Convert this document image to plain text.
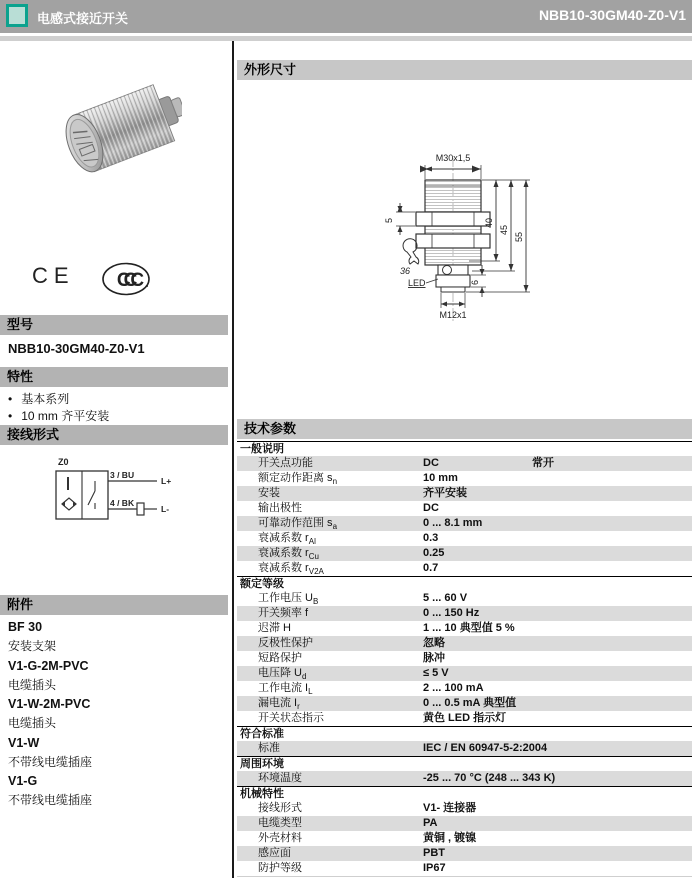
电感式接近开关	NBB10-30GM40-Z0-V1
CE CCC
型号
NBB10-30GM40-Z0-V1
特性
• 基本系列
• 10 mm 齐平安装
接线形式
Z0
3 / BU
4 / BK
L+
L-
附件
BF 30
安装支架
V1-G-2M-PVC
电缆插头
V1-W-2M-PVC
电缆插头
V1-W
不带线电缆插座
V1-G
不带线电缆插座
外形尺寸
M30x1,5
5	40
45
55
6
M12x1
36
LED
技术参数
一般说明
开关点功能	DC	常开
额定动作距离 $s_n$	10 mm
安装	齐平安装
输出极性	DC
可靠动作范围 $s_a$	0 ... 8.1 mm
衰减系数 $r_{Al}$	0.3
衰减系数 $r_{Cu}$	0.25
衰减系数 $r_{V2A}$	0.7
额定等级
工作电压 $U_B$	5 ... 60 V
开关频率 f	0 ... 150 Hz
迟滞 H	1 ... 10 典型值 5 %
反极性保护	忽略
短路保护	脉冲
电压降 $U_d$	≤ 5 V
工作电流 $I_L$	2 ... 100 mA
漏电流 $I_r$	0 ... 0.5 mA 典型值
开关状态指示	黄色 LED 指示灯
符合标准
标准	IEC / EN 60947-5-2:2004
周围环境
环境温度	-25 ... 70 °C (248 ... 343 K)
机械特性
接线形式	V1- 连接器
电缆类型	PA
外壳材料	黄铜 , 镀镍
感应面	PBT
防护等级	IP67
